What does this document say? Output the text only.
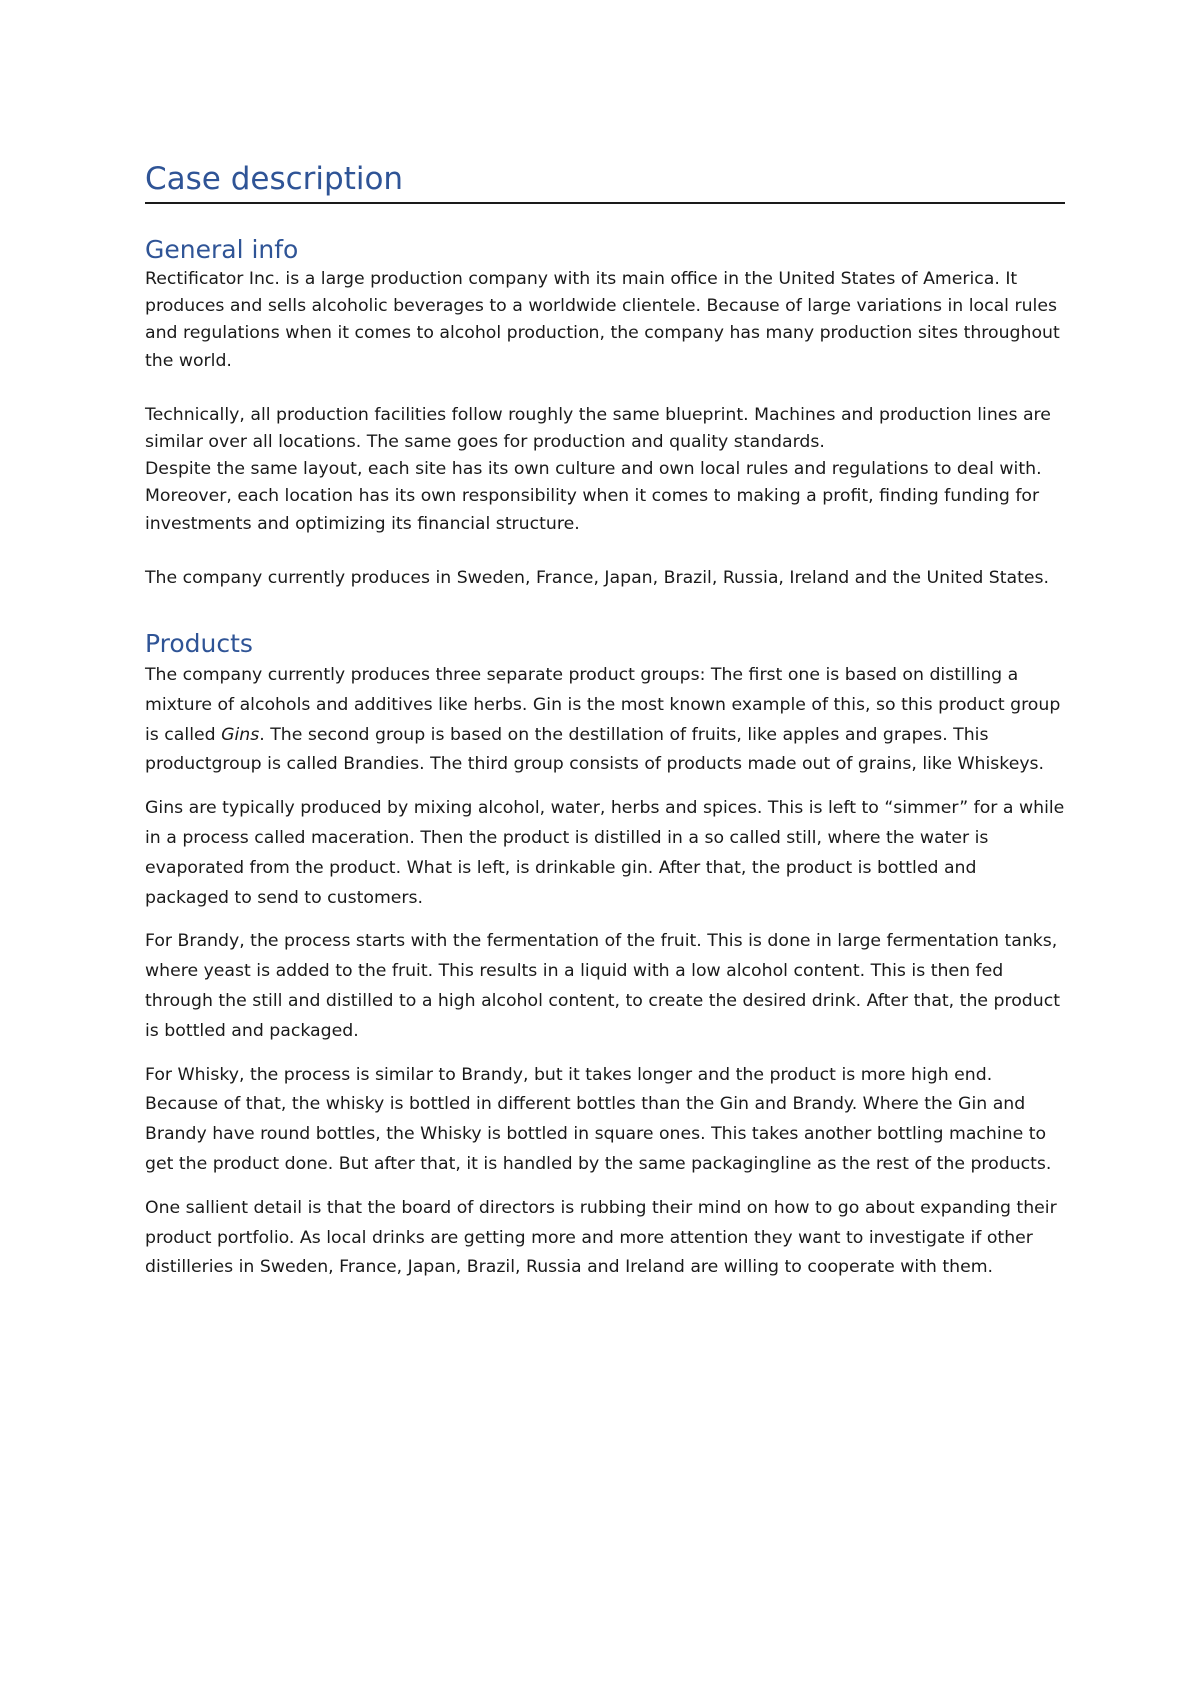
Case description
General info

Rectificator Inc. is a large production company with its main office in the United States of America. It produces and sells alcoholic beverages to a worldwide clientele. Because of large variations in local rules and regulations when it comes to alcohol production, the company has many production sites throughout the world.

Technically, all production facilities follow roughly the same blueprint. Machines and production lines are similar over all locations. The same goes for production and quality standards.

Despite the same layout, each site has its own culture and own local rules and regulations to deal with. Moreover, each location has its own responsibility when it comes to making a profit, finding funding for investments and optimizing its financial structure.

The company currently produces in Sweden, France, Japan, Brazil, Russia, Ireland and the United States.

Products

The company currently produces three separate product groups: The first one is based on distilling a mixture of alcohols and additives like herbs. Gin is the most known example of this, so this product group is called Gins. The second group is based on the destillation of fruits, like apples and grapes. This productgroup is called Brandies. The third group consists of products made out of grains, like Whiskeys.

Gins are typically produced by mixing alcohol, water, herbs and spices. This is left to “simmer” for a while in a process called maceration. Then the product is distilled in a so called still, where the water is evaporated from the product. What is left, is drinkable gin. After that, the product is bottled and packaged to send to customers.

For Brandy, the process starts with the fermentation of the fruit. This is done in large fermentation tanks, where yeast is added to the fruit. This results in a liquid with a low alcohol content. This is then fed through the still and distilled to a high alcohol content, to create the desired drink. After that, the product is bottled and packaged.

For Whisky, the process is similar to Brandy, but it takes longer and the product is more high end. Because of that, the whisky is bottled in different bottles than the Gin and Brandy. Where the Gin and Brandy have round bottles, the Whisky is bottled in square ones. This takes another bottling machine to get the product done. But after that, it is handled by the same packagingline as the rest of the products.

One sallient detail is that the board of directors is rubbing their mind on how to go about expanding their product portfolio. As local drinks are getting more and more attention they want to investigate if other distilleries in Sweden, France, Japan, Brazil, Russia and Ireland are willing to cooperate with them.
